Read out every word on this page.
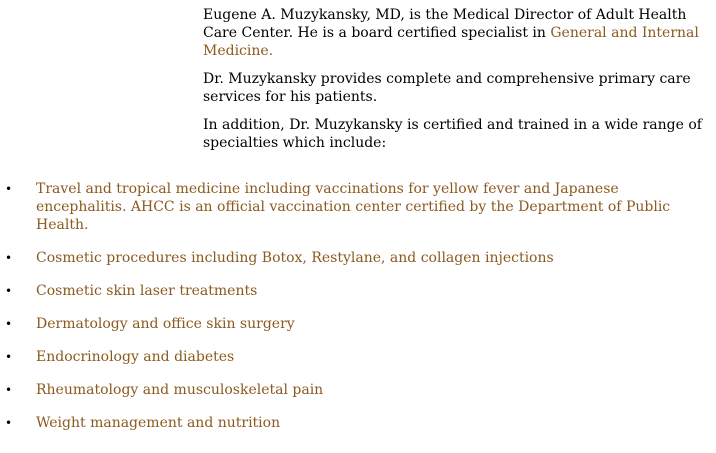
Eugene A. Muzykansky, MD, is the Medical Director of Adult Health Care Center. He is a board certified specialist in General and Internal Medicine.

Dr. Muzykansky provides complete and comprehensive primary care services for his patients.

In addition, Dr. Muzykansky is certified and trained in a wide range of specialties which include:

• Travel and tropical medicine including vaccinations for yellow fever and Japanese encephalitis. AHCC is an official vaccination center certified by the Department of Public Health.
• Cosmetic procedures including Botox, Restylane, and collagen injections
• Cosmetic skin laser treatments
• Dermatology and office skin surgery
• Endocrinology and diabetes
• Rheumatology and musculoskeletal pain
• Weight management and nutrition
